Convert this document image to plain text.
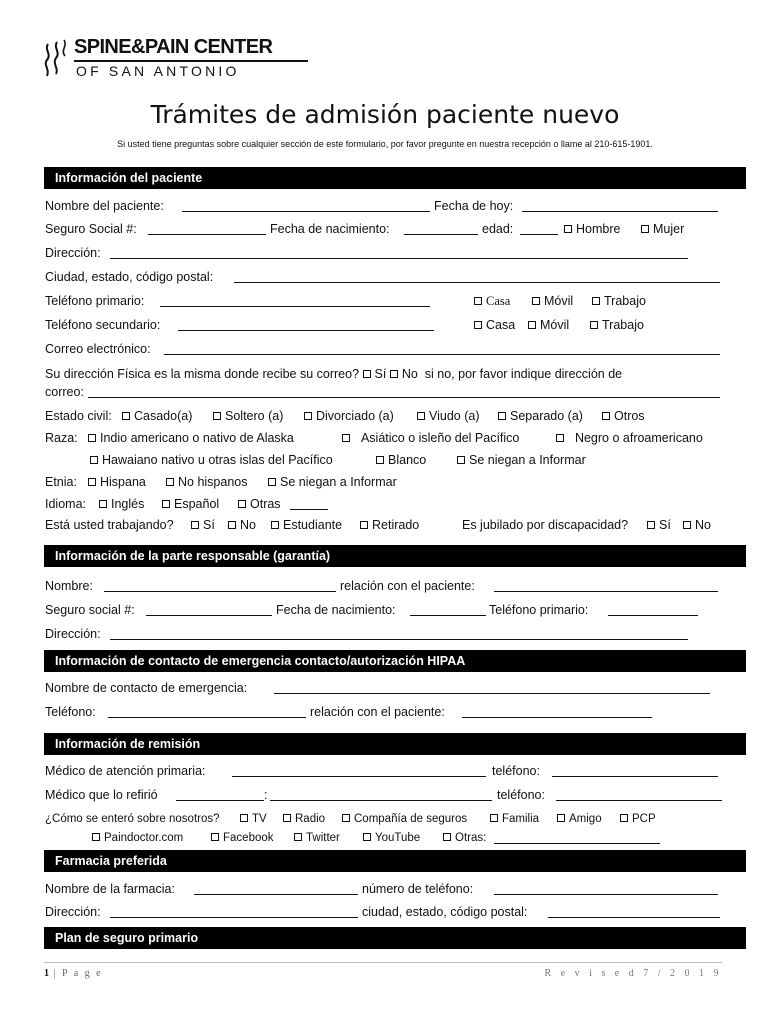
SPINE&PAIN CENTER
OF SAN ANTONIO
Trámites de admisión paciente nuevo
Si usted tiene preguntas sobre cualquier sección de este formulario, por favor pregunte en nuestra recepción o llame al 210-615-1901.
Información del paciente
Nombre del paciente:	Fecha de hoy:
Seguro Social #:	Fecha de nacimiento:	edad:	Hombre	Mujer
Dirección:
Ciudad, estado, código postal:
Teléfono primario:	Casa	Móvil	Trabajo
Teléfono secundario:	Casa	Móvil	Trabajo
Correo electrónico:
Su dirección Física es la misma donde recibe su correo? Sí No si no, por favor indique dirección de
correo:
Estado civil:	Casado(a)	Soltero (a)	Divorciado (a)	Viudo (a)	Separado (a)	Otros
Raza:	Indio americano o nativo de Alaska	Asiático o isleño del Pacífico	Negro o afroamericano
Hawaiano nativo u otras islas del Pacífico	Blanco	Se niegan a Informar
Etnia:	Hispana	No hispanos	Se niegan a Informar
Idioma:	Inglés	Español	Otras
Está usted trabajando?	Sí	No	Estudiante	Retirado	Es jubilado por discapacidad?	Sí	No
Información de la parte responsable (garantía)
Nombre:	relación con el paciente:
Seguro social #:	Fecha de nacimiento:	Teléfono primario:
Dirección:
Información de contacto de emergencia contacto/autorización HIPAA
Nombre de contacto de emergencia:
Teléfono:	relación con el paciente:
Información de remisión
Médico de atención primaria:	teléfono:
Médico que lo refirió	:	teléfono:
¿Cómo se enteró sobre nosotros?	TV	Radio	Compañía de seguros	Familia	Amigo	PCP
Paindoctor.com	Facebook	Twitter	YouTube	Otras:
Farmacia preferida
Nombre de la farmacia:	número de teléfono:
Dirección:	ciudad, estado, código postal:
Plan de seguro primario
1 | P a g e	R e v i s e d 7 / 2 0 1 9
